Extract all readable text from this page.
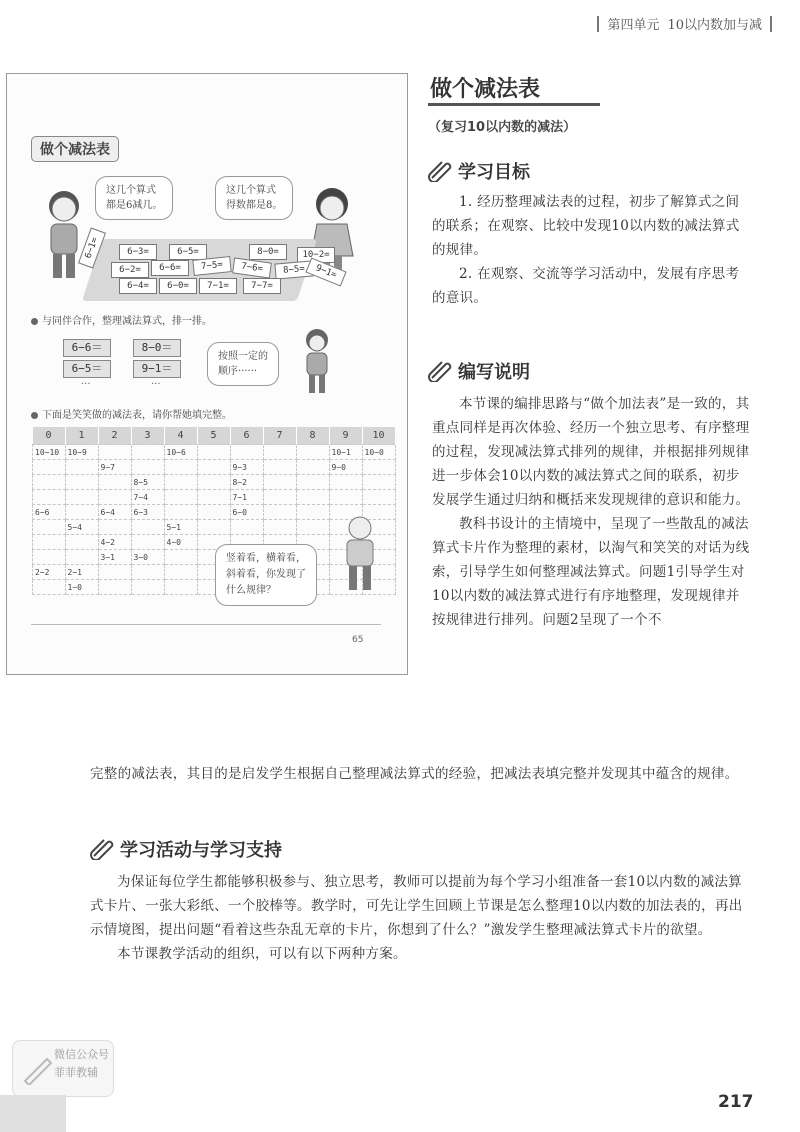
第四单元 10以内数加与减
做个减法表
这几个算式
都是6减几。
这几个算式
得数都是8。
6−3=	6−5=	8−0=	10−2=
6−2=	6−6=	7−5=	7−6=	8−5= 9−1=
6−4=	6−0=	7−1=	7−7=
6−1=
与同伴合作，整理减法算式，排一排。
6−6＝
6−5＝
···
8−0＝
9−1＝
···
按照一定的
顺序······
下面是笑笑做的减法表，请你帮她填完整。
0	1	2	3	4	5	6	7	8	9	10
10−10	10−9			10−6					10−1	10−0
		9−7				9−3			9−0	
			8−5			8−2				
			7−4			7−1				
6−6		6−4	6−3			6−0				
	5−4			5−1						
		4−2		4−0						
		3−1	3−0							
2−2	2−1									
	1−0									
竖着看，横着看，
斜着看，你发现了
什么规律？
65
做个减法表
（复习10以内数的减法）
学习目标

1. 经历整理减法表的过程，初步了解算式之间的联系；在观察、比较中发现10以内数的减法算式的规律。

2. 在观察、交流等学习活动中，发展有序思考的意识。

编写说明

本节课的编排思路与“做个加法表”是一致的，其重点同样是再次体验、经历一个独立思考、有序整理的过程，发现减法算式排列的规律，并根据排列规律进一步体会10以内数的减法算式之间的联系，初步发展学生通过归纳和概括来发现规律的意识和能力。

教科书设计的主情境中，呈现了一些散乱的减法算式卡片作为整理的素材，以淘气和笑笑的对话为线索，引导学生如何整理减法算式。问题1引导学生对10以内数的减法算式进行有序地整理，发现规律并按规律进行排列。问题2呈现了一个不

完整的减法表，其目的是启发学生根据自己整理减法算式的经验，把减法表填完整并发现其中蕴含的规律。

学习活动与学习支持

为保证每位学生都能够积极参与、独立思考，教师可以提前为每个学习小组准备一套10以内数的减法算式卡片、一张大彩纸、一个胶棒等。教学时，可先让学生回顾上节课是怎么整理10以内数的加法表的，再出示情境图，提出问题“看着这些杂乱无章的卡片，你想到了什么？”激发学生整理减法算式卡片的欲望。

本节课教学活动的组织，可以有以下两种方案。

微信公众号
菲菲教辅
217
